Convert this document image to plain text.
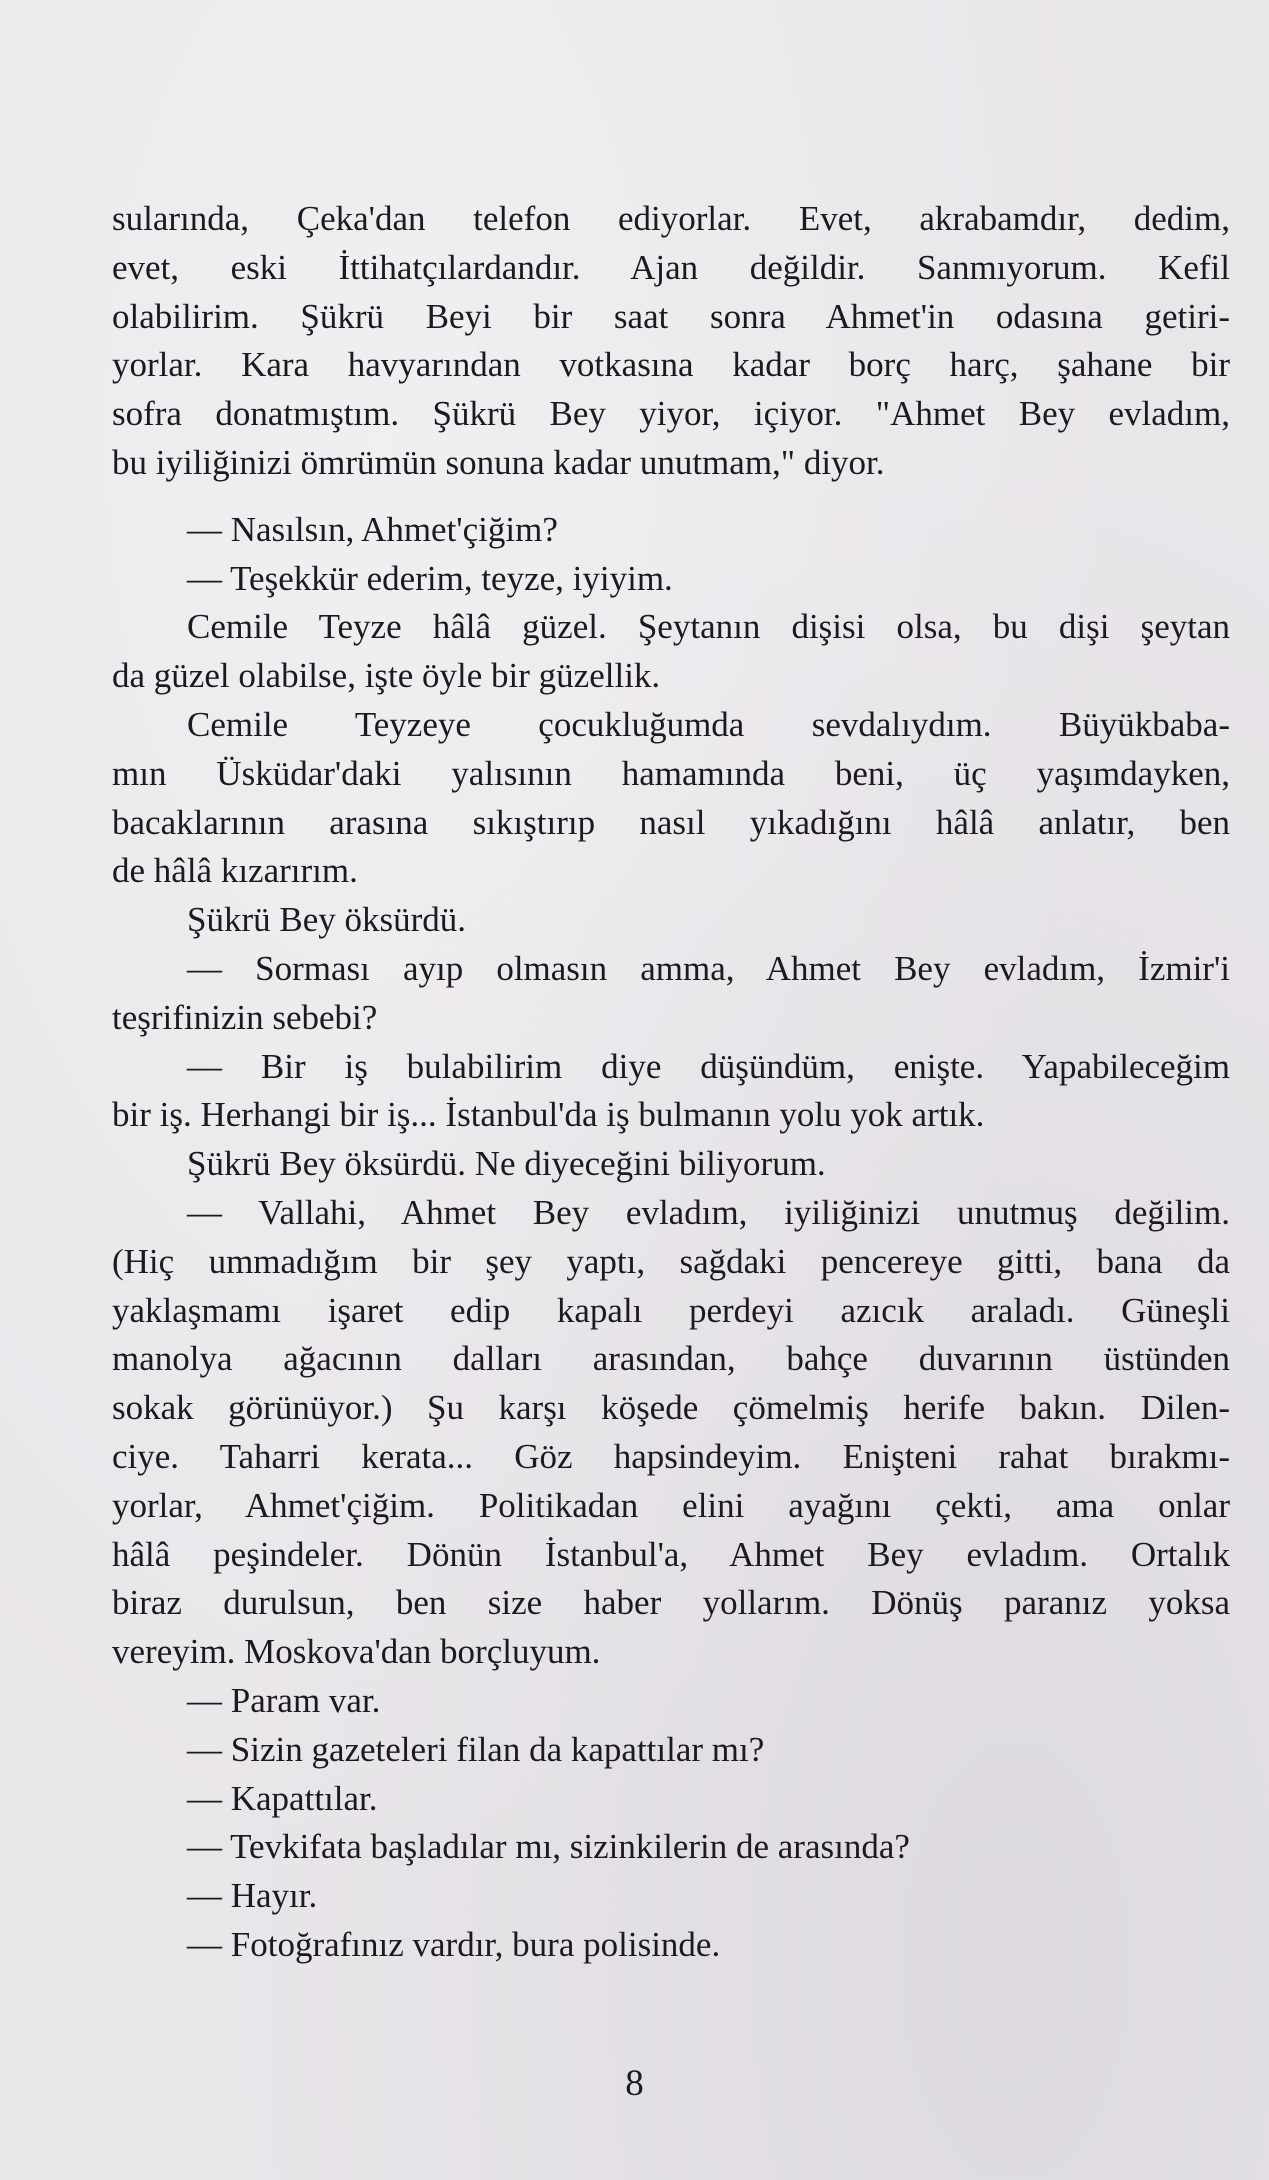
sularında, Çeka'dan telefon ediyorlar. Evet, akrabamdır, dedim,
evet, eski İttihatçılardandır. Ajan değildir. Sanmıyorum. Kefil
olabilirim. Şükrü Beyi bir saat sonra Ahmet'in odasına getiri-
yorlar. Kara havyarından votkasına kadar borç harç, şahane bir
sofra donatmıştım. Şükrü Bey yiyor, içiyor. "Ahmet Bey evladım,
bu iyiliğinizi ömrümün sonuna kadar unutmam," diyor.
— Nasılsın, Ahmet'çiğim?
— Teşekkür ederim, teyze, iyiyim.
Cemile Teyze hâlâ güzel. Şeytanın dişisi olsa, bu dişi şeytan
da güzel olabilse, işte öyle bir güzellik.
Cemile Teyzeye çocukluğumda sevdalıydım. Büyükbaba-
mın Üsküdar'daki yalısının hamamında beni, üç yaşımdayken,
bacaklarının arasına sıkıştırıp nasıl yıkadığını hâlâ anlatır, ben
de hâlâ kızarırım.
Şükrü Bey öksürdü.
— Sorması ayıp olmasın amma, Ahmet Bey evladım, İzmir'i
teşrifinizin sebebi?
— Bir iş bulabilirim diye düşündüm, enişte. Yapabileceğim
bir iş. Herhangi bir iş... İstanbul'da iş bulmanın yolu yok artık.
Şükrü Bey öksürdü. Ne diyeceğini biliyorum.
— Vallahi, Ahmet Bey evladım, iyiliğinizi unutmuş değilim.
(Hiç ummadığım bir şey yaptı, sağdaki pencereye gitti, bana da
yaklaşmamı işaret edip kapalı perdeyi azıcık araladı. Güneşli
manolya ağacının dalları arasından, bahçe duvarının üstünden
sokak görünüyor.) Şu karşı köşede çömelmiş herife bakın. Dilen-
ciye. Taharri kerata... Göz hapsindeyim. Enişteni rahat bırakmı-
yorlar, Ahmet'çiğim. Politikadan elini ayağını çekti, ama onlar
hâlâ peşindeler. Dönün İstanbul'a, Ahmet Bey evladım. Ortalık
biraz durulsun, ben size haber yollarım. Dönüş paranız yoksa
vereyim. Moskova'dan borçluyum.
— Param var.
— Sizin gazeteleri filan da kapattılar mı?
— Kapattılar.
— Tevkifata başladılar mı, sizinkilerin de arasında?
— Hayır.
— Fotoğrafınız vardır, bura polisinde.
8
